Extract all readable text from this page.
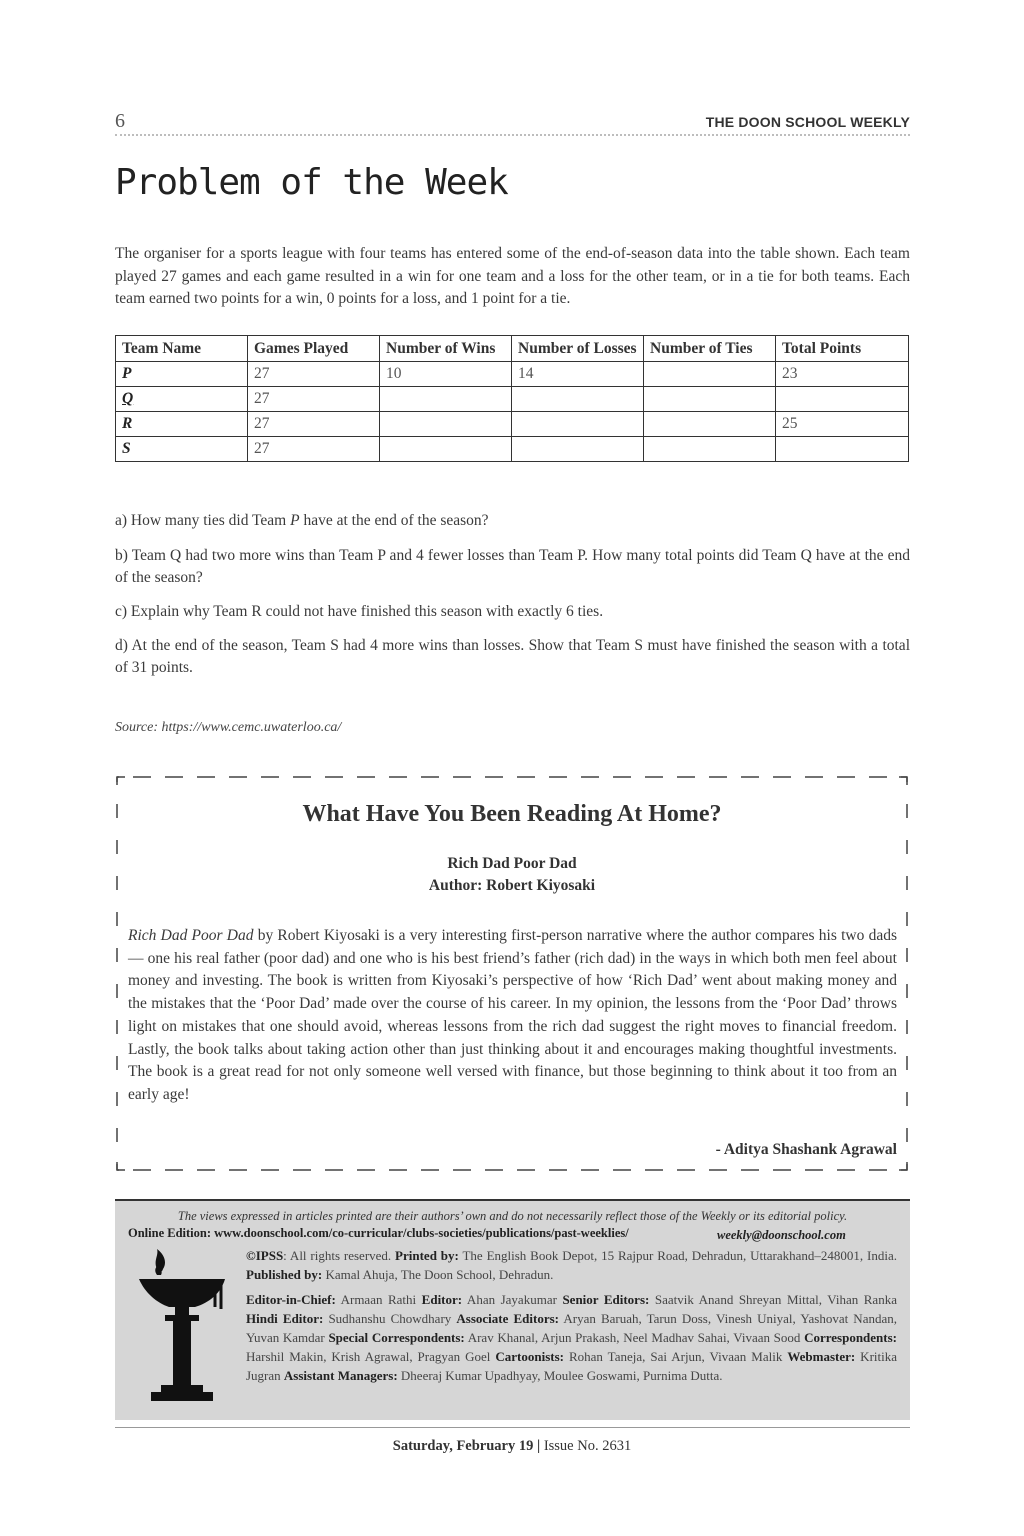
6	THE DOON SCHOOL WEEKLY
Problem of the Week

The organiser for a sports league with four teams has entered some of the end-of-season data into the table shown. Each team played 27 games and each game resulted in a win for one team and a loss for the other team, or in a tie for both teams. Each team earned two points for a win, 0 points for a loss, and 1 point for a tie.

Team Name	Games Played	Number of Wins	Number of Losses	Number of Ties	Total Points
P	27	10	14		23
Q	27				
R	27				25
S	27				

a) How many ties did Team P have at the end of the season?

b) Team Q had two more wins than Team P and 4 fewer losses than Team P. How many total points did Team Q have at the end of the season?

c) Explain why Team R could not have finished this season with exactly 6 ties.

d) At the end of the season, Team S had 4 more wins than losses. Show that Team S must have finished the season with a total of 31 points.

Source: https://www.cemc.uwaterloo.ca/
What Have You Been Reading At Home?
Rich Dad Poor Dad
Author: Robert Kiyosaki

Rich Dad Poor Dad by Robert Kiyosaki is a very interesting first-person narrative where the author compares his two dads — one his real father (poor dad) and one who is his best friend’s father (rich dad) in the ways in which both men feel about money and investing. The book is written from Kiyosaki’s perspective of how ‘Rich Dad’ went about making money and the mistakes that the ‘Poor Dad’ made over the course of his career. In my opinion, the lessons from the ‘Poor Dad’ throws light on mistakes that one should avoid, whereas lessons from the rich dad suggest the right moves to financial freedom. Lastly, the book talks about taking action other than just thinking about it and encourages making thoughtful investments. The book is a great read for not only someone well versed with finance, but those beginning to think about it too from an early age!

- Aditya Shashank Agrawal
The views expressed in articles printed are their authors’ own and do not necessarily reflect those of the Weekly or its editorial policy.
Online Edition: www.doonschool.com/co-curricular/clubs-societies/publications/past-weeklies/	weekly@doonschool.com

©IPSS: All rights reserved. Printed by: The English Book Depot, 15 Rajpur Road, Dehradun, Uttarakhand–248001, India. Published by: Kamal Ahuja, The Doon School, Dehradun.

Editor-in-Chief: Armaan Rathi Editor: Ahan Jayakumar Senior Editors: Saatvik Anand Shreyan Mittal, Vihan Ranka Hindi Editor: Sudhanshu Chowdhary Associate Editors: Aryan Baruah, Tarun Doss, Vinesh Uniyal, Yashovat Nandan, Yuvan Kamdar Special Correspondents: Arav Khanal, Arjun Prakash, Neel Madhav Sahai, Vivaan Sood Correspondents: Harshil Makin, Krish Agrawal, Pragyan Goel Cartoonists: Rohan Taneja, Sai Arjun, Vivaan Malik Webmaster: Kritika Jugran Assistant Managers: Dheeraj Kumar Upadhyay, Moulee Goswami, Purnima Dutta.

Saturday, February 19 | Issue No. 2631
